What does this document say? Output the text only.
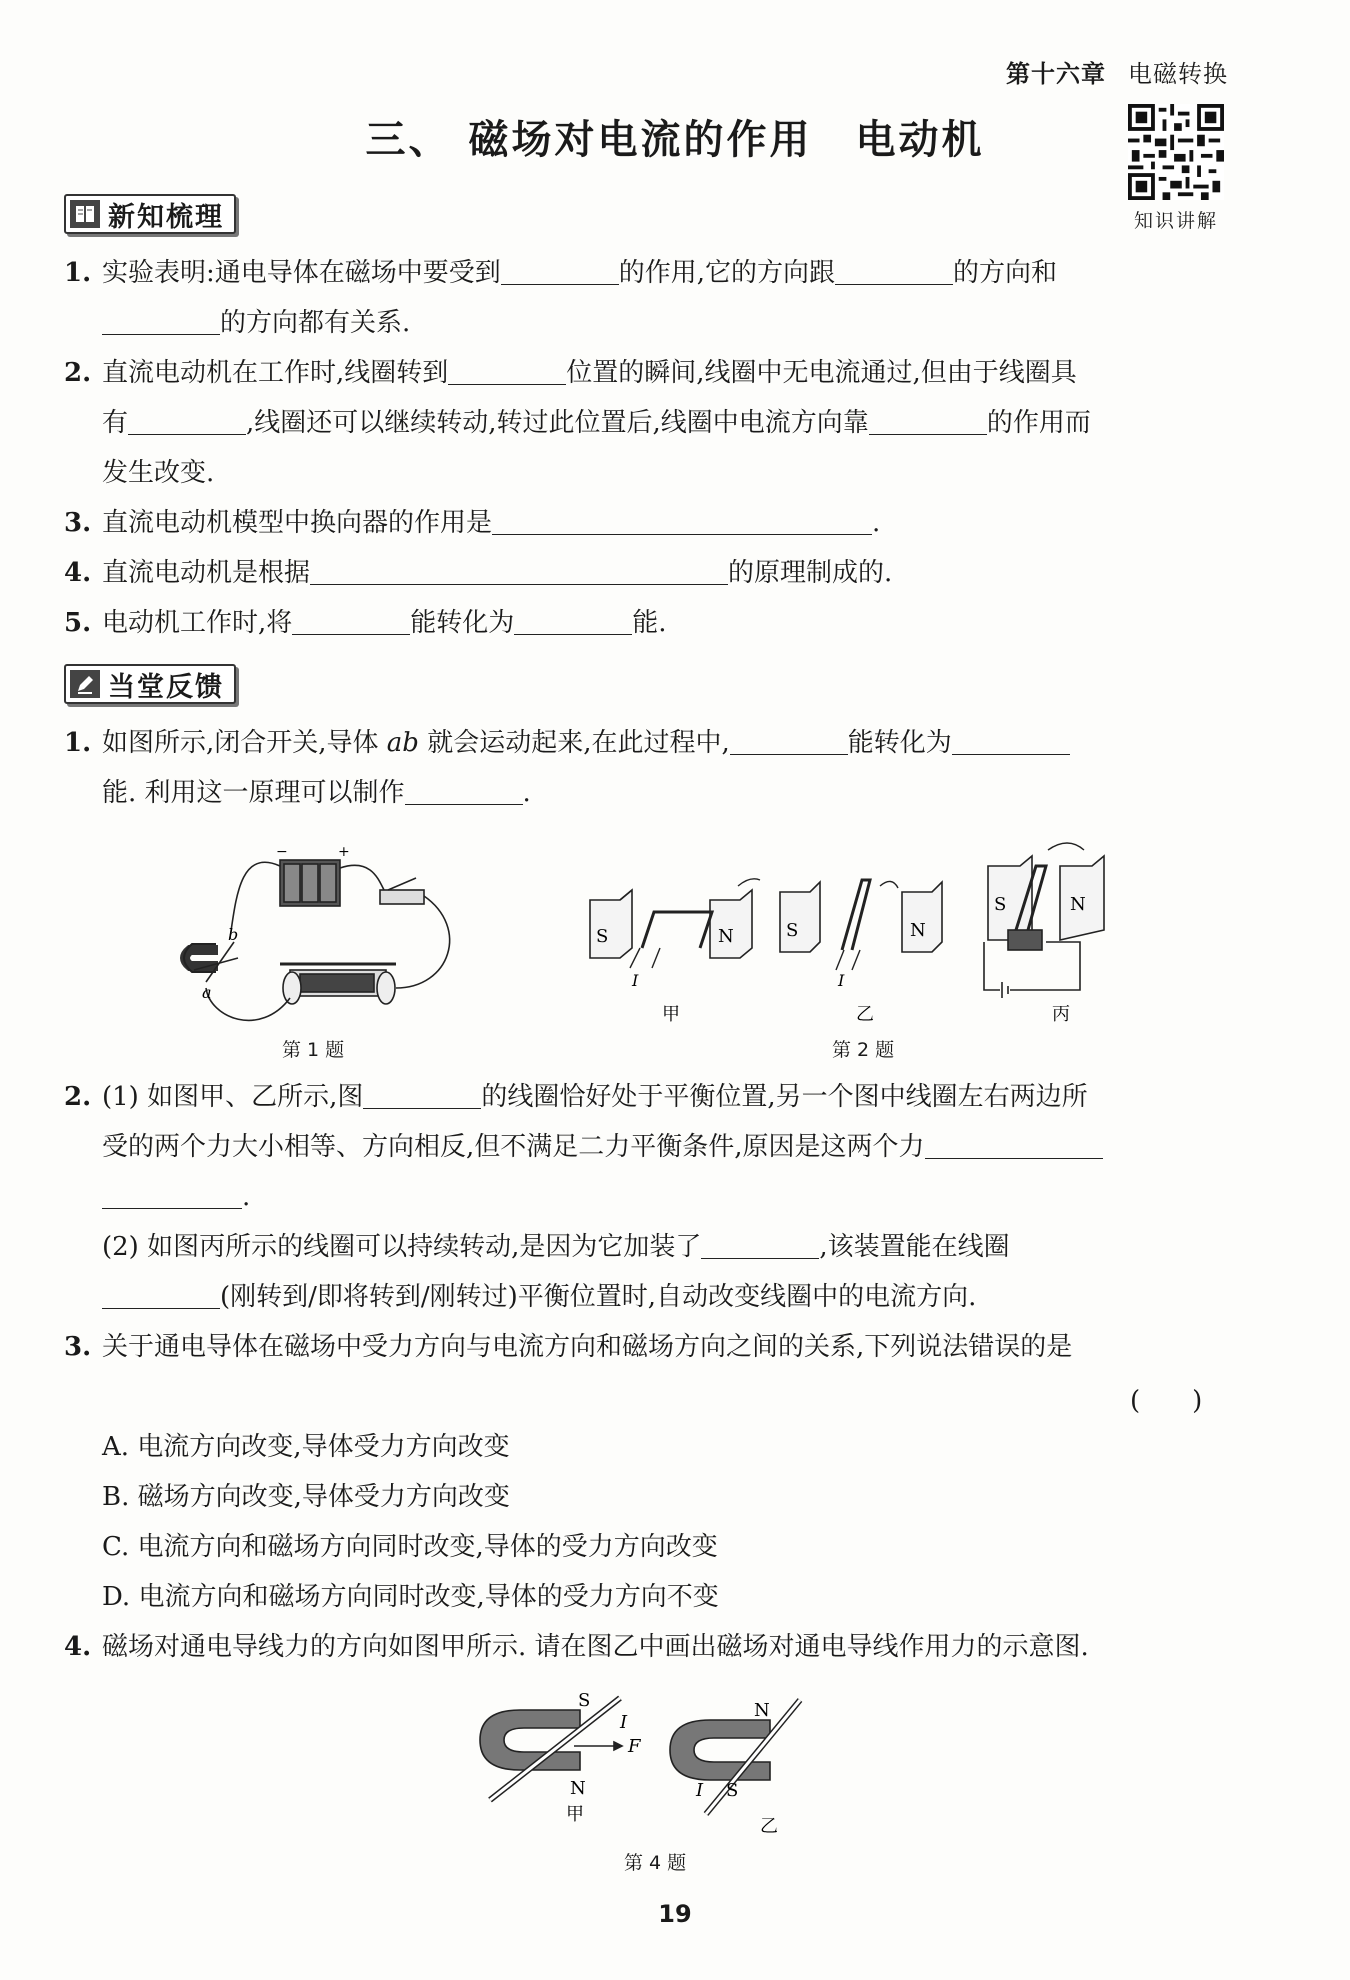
第十六章 电磁转换
三、 磁场对电流的作用　电动机
知识讲解
新知梳理
1. 实验表明:通电导体在磁场中要受到	的作用,它的方向跟	的方向和
的方向都有关系.
2. 直流电动机在工作时,线圈转到	位置的瞬间,线圈中无电流通过,但由于线圈具
有	,线圈还可以继续转动,转过此位置后,线圈中电流方向靠	的作用而
发生改变.
3. 直流电动机模型中换向器的作用是	.
4. 直流电动机是根据	的原理制成的.
5. 电动机工作时,将	能转化为	能.
当堂反馈
1. 如图所示,闭合开关,导体 ab 就会运动起来,在此过程中,	能转化为
能. 利用这一原理可以制作	.
−	+
b
a
第 1 题
S	N
I
S	N
I
S	N
甲	乙	丙
第 2 题
2. (1) 如图甲、乙所示,图	的线圈恰好处于平衡位置,另一个图中线圈左右两边所
受的两个力大小相等、方向相反,但不满足二力平衡条件,原因是这两个力
.
(2) 如图丙所示的线圈可以持续转动,是因为它加装了	,该装置能在线圈
(刚转到/即将转到/刚转过)平衡位置时,自动改变线圈中的电流方向.
3. 关于通电导体在磁场中受力方向与电流方向和磁场方向之间的关系,下列说法错误的是
(　　)
A. 电流方向改变,导体受力方向改变
B. 磁场方向改变,导体受力方向改变
C. 电流方向和磁场方向同时改变,导体的受力方向改变
D. 电流方向和磁场方向同时改变,导体的受力方向不变
4. 磁场对通电导线力的方向如图甲所示. 请在图乙中画出磁场对通电导线作用力的示意图.
S
I
F
N
甲
N
I S
乙
第 4 题
19
